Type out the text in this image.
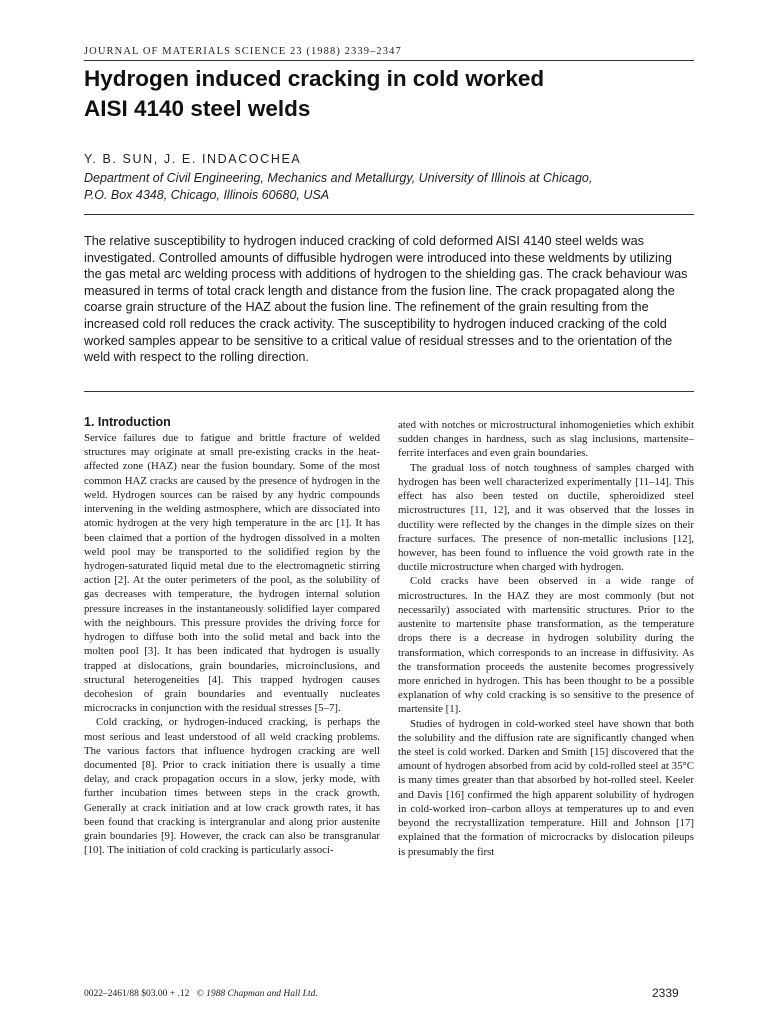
JOURNAL OF MATERIALS SCIENCE 23 (1988) 2339–2347
Hydrogen induced cracking in cold worked
AISI 4140 steel welds
Y. B. SUN, J. E. INDACOCHEA
Department of Civil Engineering, Mechanics and Metallurgy, University of Illinois at Chicago,
P.O. Box 4348, Chicago, Illinois 60680, USA
The relative susceptibility to hydrogen induced cracking of cold deformed AISI 4140 steel welds was investigated. Controlled amounts of diffusible hydrogen were introduced into these weldments by utilizing the gas metal arc welding process with additions of hydrogen to the shielding gas. The crack behaviour was measured in terms of total crack length and distance from the fusion line. The crack propagated along the coarse grain structure of the HAZ about the fusion line. The refinement of the grain resulting from the increased cold roll reduces the crack activity. The susceptibility to hydrogen induced cracking of the cold worked samples appear to be sensitive to a critical value of residual stresses and to the orientation of the weld with respect to the rolling direction.
1. Introduction

Service failures due to fatigue and brittle fracture of welded structures may originate at small pre-existing cracks in the heat-affected zone (HAZ) near the fusion boundary. Some of the most common HAZ cracks are caused by the presence of hydrogen in the weld. Hydrogen sources can be raised by any hydric compounds intervening in the welding astmosphere, which are dissociated into atomic hydrogen at the very high temperature in the arc [1]. It has been claimed that a portion of the hydrogen dissolved in a molten weld pool may be transported to the solidified region by the hydrogen-saturated liquid metal due to the electromagnetic stirring action [2]. At the outer perimeters of the pool, as the solubility of gas decreases with temperature, the hydrogen internal solution pressure increases in the instantaneously solidified layer compared with the neighbours. This pressure provides the driving force for hydrogen to diffuse both into the solid metal and back into the molten pool [3]. It has been indicated that hydrogen is usually trapped at dislocations, grain boundaries, microinclusions, and structural heterogeneities [4]. This trapped hydrogen causes decohesion of grain boundaries and eventually nucleates microcracks in conjunction with the residual stresses [5–7].

Cold cracking, or hydrogen-induced cracking, is perhaps the most serious and least understood of all weld cracking problems. The various factors that influence hydrogen cracking are well documented [8]. Prior to crack initiation there is usually a time delay, and crack propagation occurs in a slow, jerky mode, with further incubation times between steps in the crack growth. Generally at crack initiation and at low crack growth rates, it has been found that cracking is intergranular and along prior austenite grain boundaries [9]. However, the crack can also be transgranular [10]. The initiation of cold cracking is particularly associ-

ated with notches or microstructural inhomogenieties which exhibit sudden changes in hardness, such as slag inclusions, martensite–ferrite interfaces and even grain boundaries.

The gradual loss of notch toughness of samples charged with hydrogen has been well characterized experimentally [11–14]. This effect has also been tested on ductile, spheroidized steel microstructures [11, 12], and it was observed that the losses in ductility were reflected by the changes in the dimple sizes on their fracture surfaces. The presence of non-metallic inclusions [12], however, has been found to influence the void growth rate in the ductile microstructure when charged with hydrogen.

Cold cracks have been observed in a wide range of microstructures. In the HAZ they are most commonly (but not necessarily) associated with martensitic structures. Prior to the austenite to martensite phase transformation, as the temperature drops there is a decrease in hydrogen solubility during the transformation, which corresponds to an increase in diffusivity. As the transformation proceeds the austenite becomes progressively more enriched in hydrogen. This has been thought to be a possible explanation of why cold cracking is so sensitive to the presence of martensite [1].

Studies of hydrogen in cold-worked steel have shown that both the solubility and the diffusion rate are significantly changed when the steel is cold worked. Darken and Smith [15] discovered that the amount of hydrogen absorbed from acid by cold-rolled steel at 35°C is many times greater than that absorbed by hot-rolled steel. Keeler and Davis [16] confirmed the high apparent solubility of hydrogen in cold-worked iron–carbon alloys at temperatures up to and even beyond the recrystallization temperature. Hill and Johnson [17] explained that the formation of microcracks by dislocation pileups is presumably the first

0022–2461/88 $03.00 + .12 © 1988 Chapman and Hall Ltd.	2339
